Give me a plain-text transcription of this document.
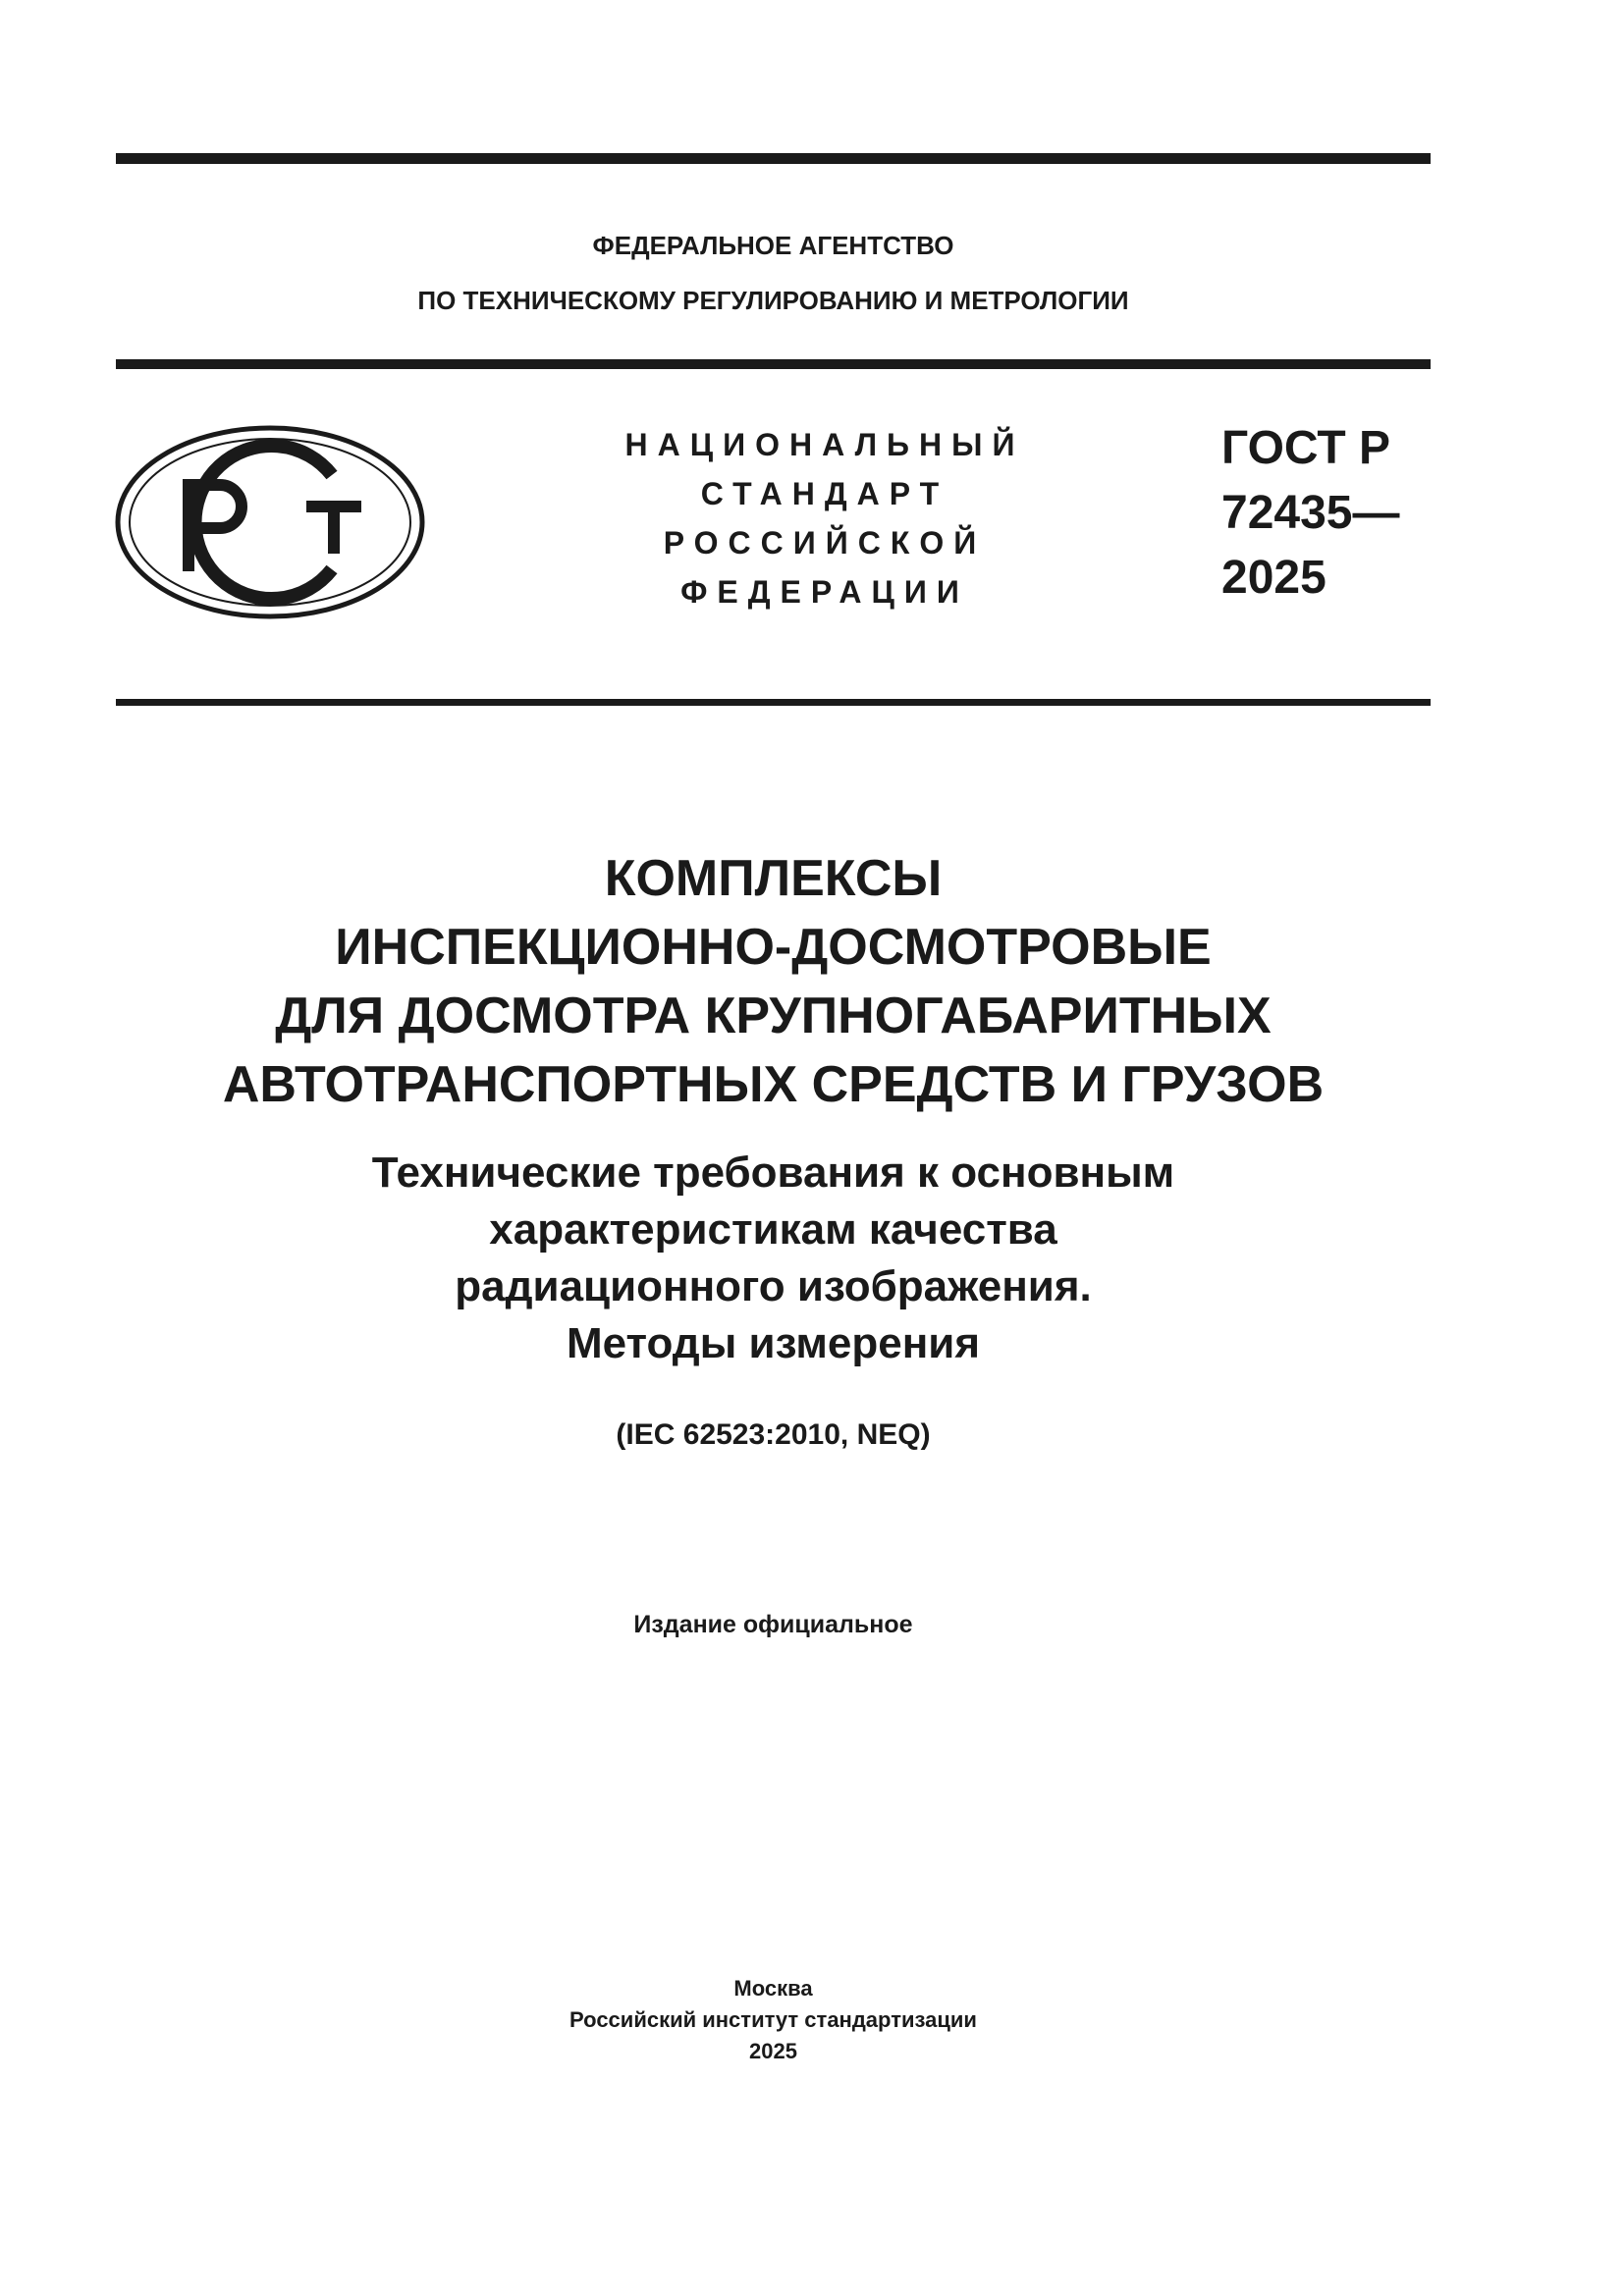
ФЕДЕРАЛЬНОЕ АГЕНТСТВО
ПО ТЕХНИЧЕСКОМУ РЕГУЛИРОВАНИЮ И МЕТРОЛОГИИ
НАЦИОНАЛЬНЫЙ
СТАНДАРТ
РОССИЙСКОЙ
ФЕДЕРАЦИИ
ГОСТ Р
72435—
2025
КОМПЛЕКСЫ
ИНСПЕКЦИОННО-ДОСМОТРОВЫЕ
ДЛЯ ДОСМОТРА КРУПНОГАБАРИТНЫХ
АВТОТРАНСПОРТНЫХ СРЕДСТВ И ГРУЗОВ
Технические требования к основным
характеристикам качества
радиационного изображения.
Методы измерения
(IEC 62523:2010, NEQ)
Издание официальное
Москва
Российский институт стандартизации
2025
